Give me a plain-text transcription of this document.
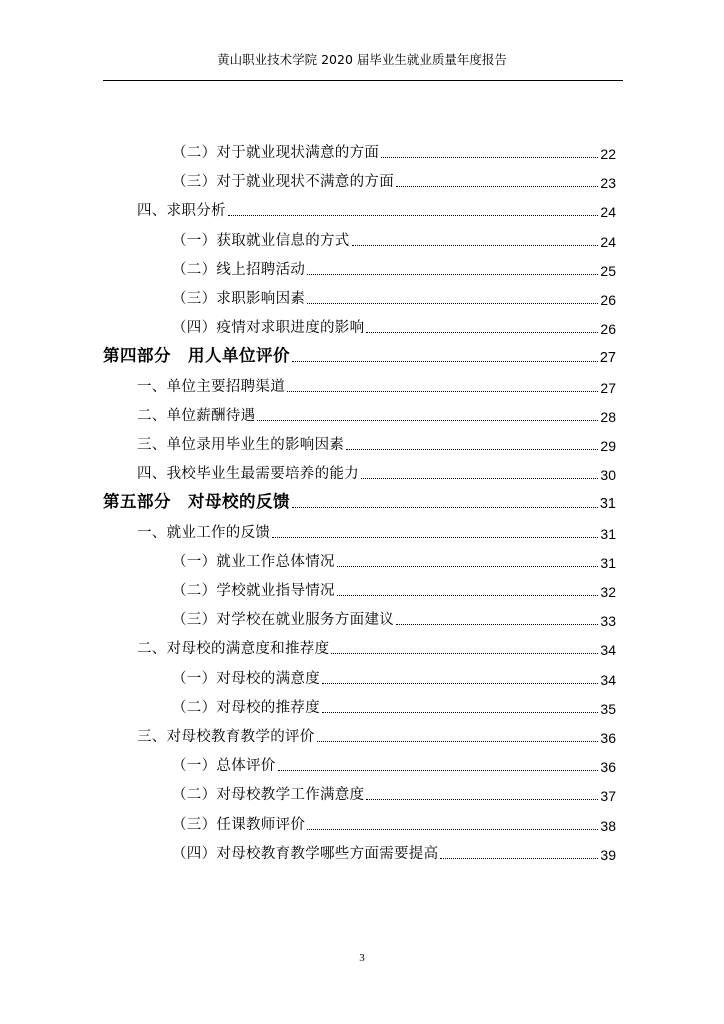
黄山职业技术学院 2020 届毕业生就业质量年度报告
（二）对于就业现状满意的方面	22
（三）对于就业现状不满意的方面	23
四、求职分析	24
（一）获取就业信息的方式	24
（二）线上招聘活动	25
（三）求职影响因素	26
（四）疫情对求职进度的影响	26
第四部分　用人单位评价	27
一、单位主要招聘渠道	27
二、单位薪酬待遇	28
三、单位录用毕业生的影响因素	29
四、我校毕业生最需要培养的能力	30
第五部分　对母校的反馈	31
一、就业工作的反馈	31
（一）就业工作总体情况	31
（二）学校就业指导情况	32
（三）对学校在就业服务方面建议	33
二、对母校的满意度和推荐度	34
（一）对母校的满意度	34
（二）对母校的推荐度	35
三、对母校教育教学的评价	36
（一）总体评价	36
（二）对母校教学工作满意度	37
（三）任课教师评价	38
（四）对母校教育教学哪些方面需要提高	39
3
